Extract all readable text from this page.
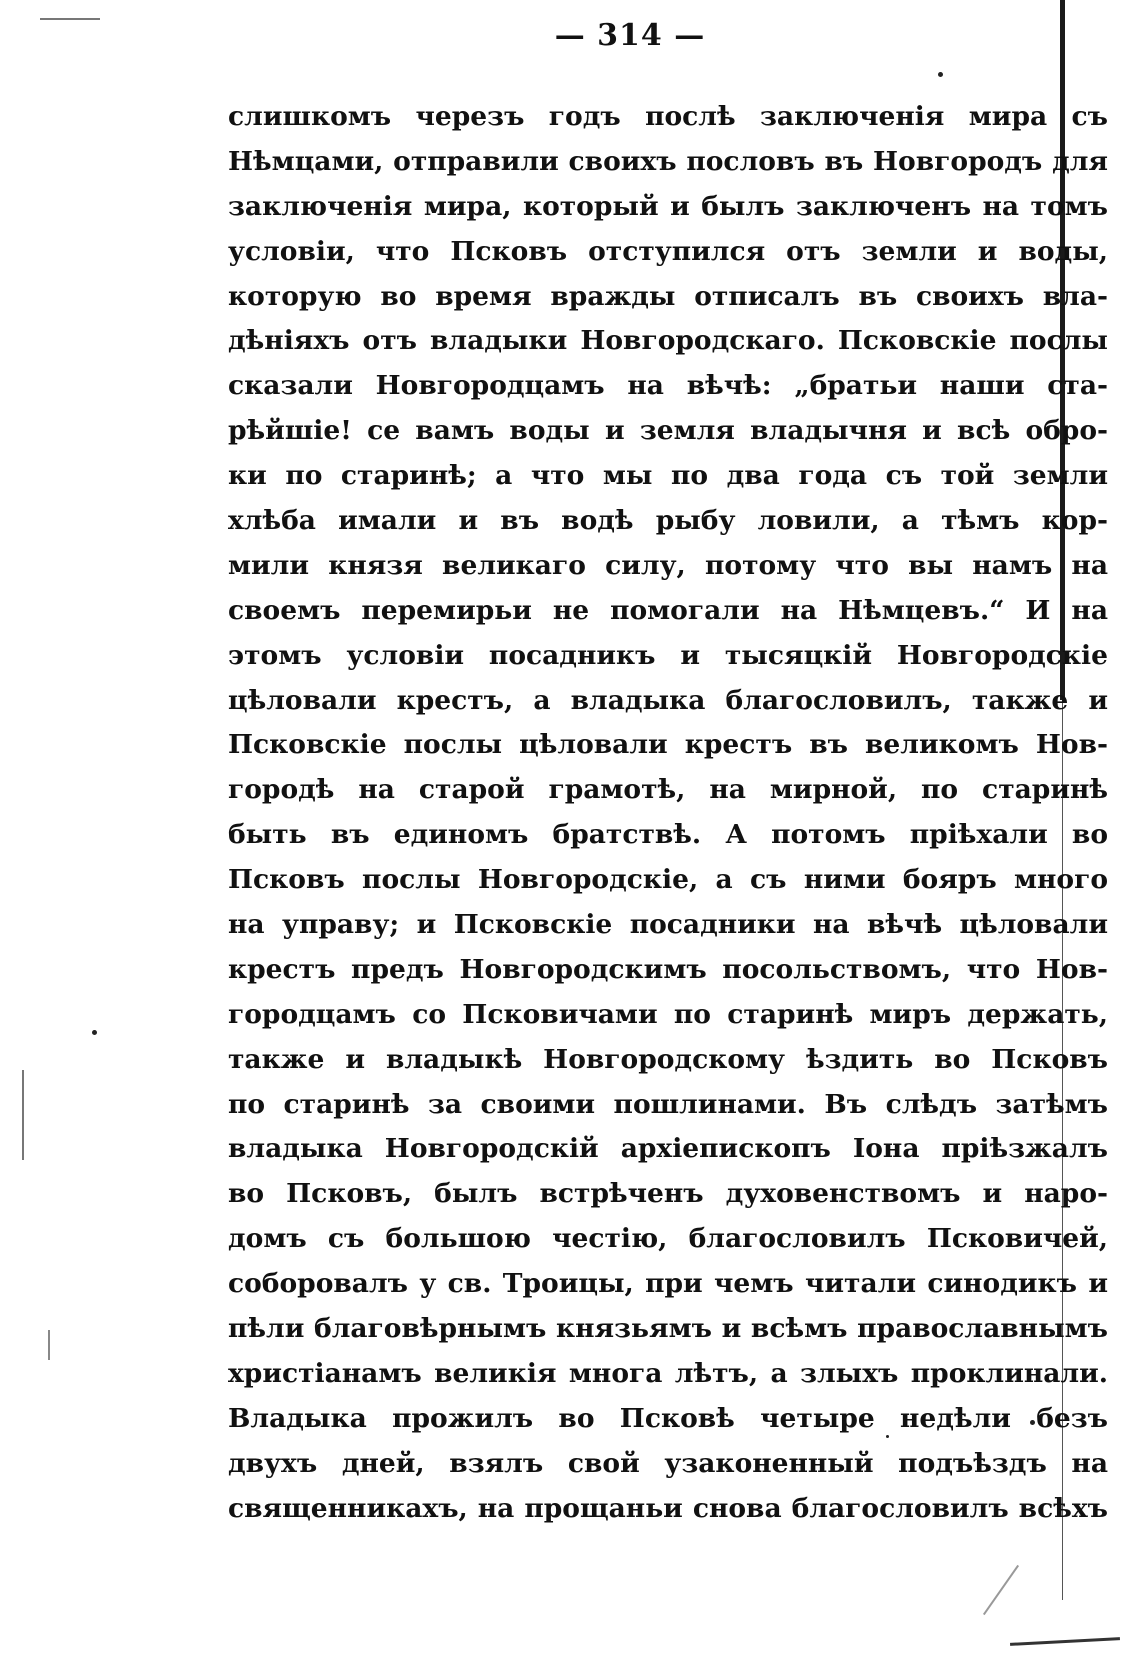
— 314 —
слишкомъ черезъ годъ послѣ заключенія мира съ
Нѣмцами, отправили своихъ пословъ въ Новгородъ для
заключенія мира, который и былъ заключенъ на томъ
условіи, что Псковъ отступился отъ земли и воды,
которую во время вражды отписалъ въ своихъ вла-
дѣніяхъ отъ владыки Новгородскаго. Псковскіе послы
сказали Новгородцамъ на вѣчѣ: „братьи наши ста-
рѣйшіе! се вамъ воды и земля владычня и всѣ обро-
ки по старинѣ; а что мы по два года съ той земли
хлѣба имали и въ водѣ рыбу ловили, а тѣмъ кор-
мили князя великаго силу, потому что вы намъ на
своемъ перемирьи не помогали на Нѣмцевъ.“ И на
этомъ условіи посадникъ и тысяцкій Новгородскіе
цѣловали крестъ, а владыка благословилъ, также и
Псковскіе послы цѣловали крестъ въ великомъ Нов-
городѣ на старой грамотѣ, на мирной, по старинѣ
быть въ единомъ братствѣ. А потомъ пріѣхали во
Псковъ послы Новгородскіе, а съ ними бояръ много
на управу; и Псковскіе посадники на вѣчѣ цѣловали
крестъ предъ Новгородскимъ посольствомъ, что Нов-
городцамъ со Псковичами по старинѣ миръ держать,
также и владыкѣ Новгородскому ѣздить во Псковъ
по старинѣ за своими пошлинами. Въ слѣдъ затѣмъ
владыка Новгородскій архіепископъ Іона пріѣзжалъ
во Псковъ, былъ встрѣченъ духовенствомъ и наро-
домъ съ большою честію, благословилъ Псковичей,
соборовалъ у св. Троицы, при чемъ читали синодикъ и
пѣли благовѣрнымъ князьямъ и всѣмъ православнымъ
христіанамъ великія многа лѣтъ, а злыхъ проклинали.
Владыка прожилъ во Псковѣ четыре недѣли безъ
двухъ дней, взялъ свой узаконенный подъѣздъ на
священникахъ, на прощаньи снова благословилъ всѣхъ
